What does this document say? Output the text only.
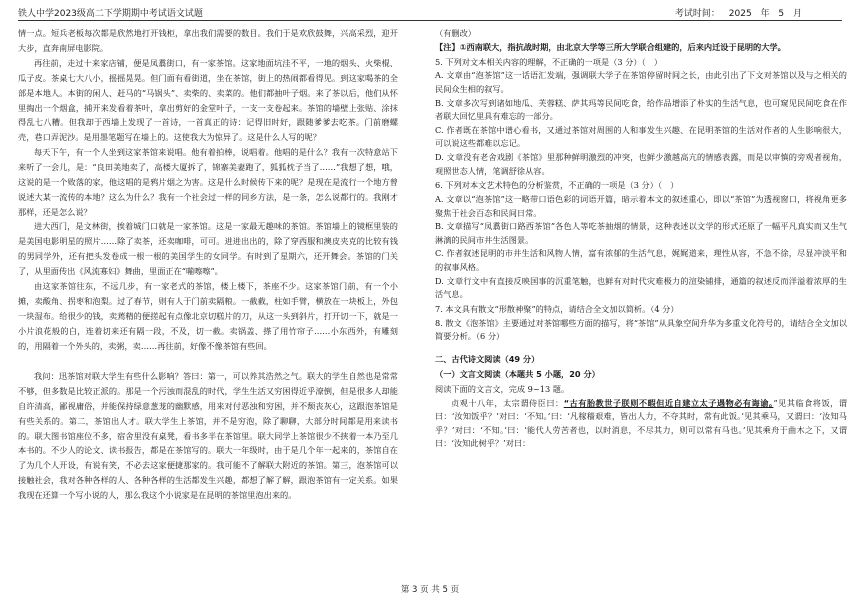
铁人中学2023级高二下学期期中考试语文试题	考试时间： 2025 年 5 月

情一点。短兵老板每次都是欣然地打开钱柜，拿出我们需要的数目。我们于是欢欣鼓舞，兴高采烈，迎开大步，直奔南屏电影院。

再往前，走过十来家店铺，便是凤翥街口，有一家茶馆。这家地面坑洼不平，一地的烟头、火柴棍、瓜子皮。茶桌七大八小，摇摇晃晃。但门面有看街道，坐在茶馆，街上的热闹都看得见。到这家喝茶的全部是本地人。本街的闲人、赶马的“马锅头”、卖柴的、卖菜的。他们都抽叶子烟。来了茶以后，他们从怀里掏出一个烟盒，捕开来发看着茶叶，拿出剪好的金堂叶子，一支一支卷起来。茶馆的墙壁上张贴、涂抹得乱七八糟。但我却于西墙上发现了一首诗，一首真正的诗：记得旧时好，跟随爹爹去吃茶。门前磨螺壳，巷口弄泥沙。是用墨笔题写在墙上的。这使我大为惊异了。这是什么人写的呢？

每天下午，有一个人坐到这家茶馆来说唱。他有着拍棒，说唱着。他唱的是什么？我有一次特意站下来听了一会儿，是：“良田美地卖了，高楼大厦拆了，锦寨美妻跑了，狐狐枕子当了……”我想了想，哦，这说的是一个败落的家，他这唱的是鸦片烟之为害。这是什么时候传下来的呢？是现在是流行一个地方曾说述大某一流传的本地？这么为什么？我有一个社会过一样的同乡方法，是一条，怎么说都行的。我刚才那样，还是怎么说？

进大西门，是文林街，挨着城门口就是一家茶馆。这是一家最无趣味的茶馆。茶馆墙上的镜框里装的是美国电影明星的照片……除了卖茶，还卖咖啡，可可。进进出出的，除了穿西服和澳皮夹克的比较有钱的男同学外，还有把头发卷成一根一根的美国学生的女同学。有时到了星期六，还开舞会。茶馆的门关了，从里面传出《风流寡妇》舞曲，里面正在“嘣嚓嚓”。

由这家茶馆往东，不远几步，有一家老式的茶馆，楼上楼下，茶座不少。这家茶馆门前，有一个小摊，卖酸角、拐枣和泡梨。过了春节，则有人于门前卖隔粮。一截截，柱如手臂，横放在一块板上，外包一块湿布。给很少的钱，卖蔫精的便搓起有点像北京切糕片的刀，从这一头到斜片，打开切一下，就是一小片浪花般的白，连着切来还有隔一段，不及，切一截。卖锅盖、搽了用竹帘子……小东西外，有雕刻的，用隔着一个外头的，卖粥，卖……再往前，好像不像茶馆有些回。

我问：迅茶馆对联大学生有些什么影响？答曰：第一，可以养其浩然之气。联大的学生自然也是常常不够，但多数是比较正派的。那是一个污浊而混乱的时代，学生生活又穷困得近乎潦倒，但是很多人却能自许清高，鄙视庸俗，并能保持绿意葱茏的幽默感，用来对付恶浊和穷困，并不颓丧灰心，这跟泡茶馆是有些关系的。第二，茶馆出人才。联大学生上茶馆，并不是穷泡，除了聊聊，大部分时间都是用来读书的。联大图书馆座位不多，宿舍里没有桌凳，看书多半在茶馆里。联大同学上茶馆很少不挟着一本乃至几本书的。不少人的论文、读书报告，都是在茶馆写的。联大一年级时，由于是几个年一起来的，茶馆自在了为几个人开设，有说有笑，不必去这家便捷那家的。我可能不了解联大附近的茶馆。第三，泡茶馆可以接触社会，我对各种各样的人、各种各样的生活都发生兴趣，都想了解了解，跟泡茶馆有一定关系。如果我现在还算一个写小说的人，那么我这个小说家是在昆明的茶馆里泡出来的。

（有删改）

【注】①西南联大，指抗战时期，由北京大学等三所大学联合组建的，后来内迁设于昆明的大学。

5. 下列对文本相关内容的理解，不正确的一项是（3 分）（　）

A. 文章由“泡茶馆”这一话语汇发端，强调联大学子在茶馆停留时间之长，由此引出了下文对茶馆以及与之相关的民间众生相的叙写。

B. 文章多次写到诸如地瓜、芙蓉糕、萨其玛等民间吃食，给作品增添了朴实的生活气息，也可窥见民间吃食在作者联大回忆里具有难忘的一部分。

C. 作者既在茶馆中谱心看书，又通过茶馆对周围的人和事发生兴趣、在昆明茶馆的生活对作者的人生影响很大，可以说这些都难以忘记。

D. 文章没有老舍戏剧《茶馆》里那种鲜明激烈的冲突，也鲜少激越高亢的情感表露，而是以审慎的旁观者视角，观照世态人情，笔调舒徐从容。

6. 下列对本文艺术特色的分析鉴赏，不正确的一项是（3 分）（　）

A. 文章以“泡茶馆”这一略带口语色彩的词语开篇，暗示着本文的叙述重心，即以“茶馆”为透视窗口，将视角更多聚焦于社会百态和民间日常。

B. 文章描写“凤翥街口路西茶馆”各色人等吃茶抽烟的情景，这种表述以文学的形式还原了一幅平凡真实而又生气淋漓的民间市井生活图景。

C. 作者叙述昆明的市井生活和风物人情，富有浓郁的生活气息，娓娓道来，理性从容，不急不徐，尽显冲淡平和的叙事风格。

D. 文章行文中有直接反映国事的沉重笔触，也鲜有对时代灾难极力的渲染铺排，通篇的叙述反而洋溢着浓厚的生活气息。

7. 本文具有散文“形散神聚”的特点，请结合全文加以简析。（4 分）

8. 散文《泡茶馆》主要通过对茶馆哪些方面的描写，将“茶馆”从具象空间升华为多重文化符号的，请结合全文加以简要分析。（6 分）

二、古代诗文阅读（49 分）

（一）文言文阅读（本题共 5 小题，20 分）

阅读下面的文言文，完成 9~13 题。

贞观十八年，太宗谓侍臣曰：“古有胎教世子朕则不暇但近自建立太子遇物必有诲谕。”见其临食将饭，谓曰：‘汝知饭乎？’对曰：‘不知。’曰：‘凡稼穑艰难，皆出人力，不夺其时，常有此饭。’见其乘马，又谓曰：‘汝知马乎？’对曰：‘不知。’曰：‘能代人劳苦者也，以时消息，不尽其力，则可以常有马也。’见其乘舟于曲木之下，又谓曰：‘汝知此树乎？’对曰：

第 3 页 共 5 页
